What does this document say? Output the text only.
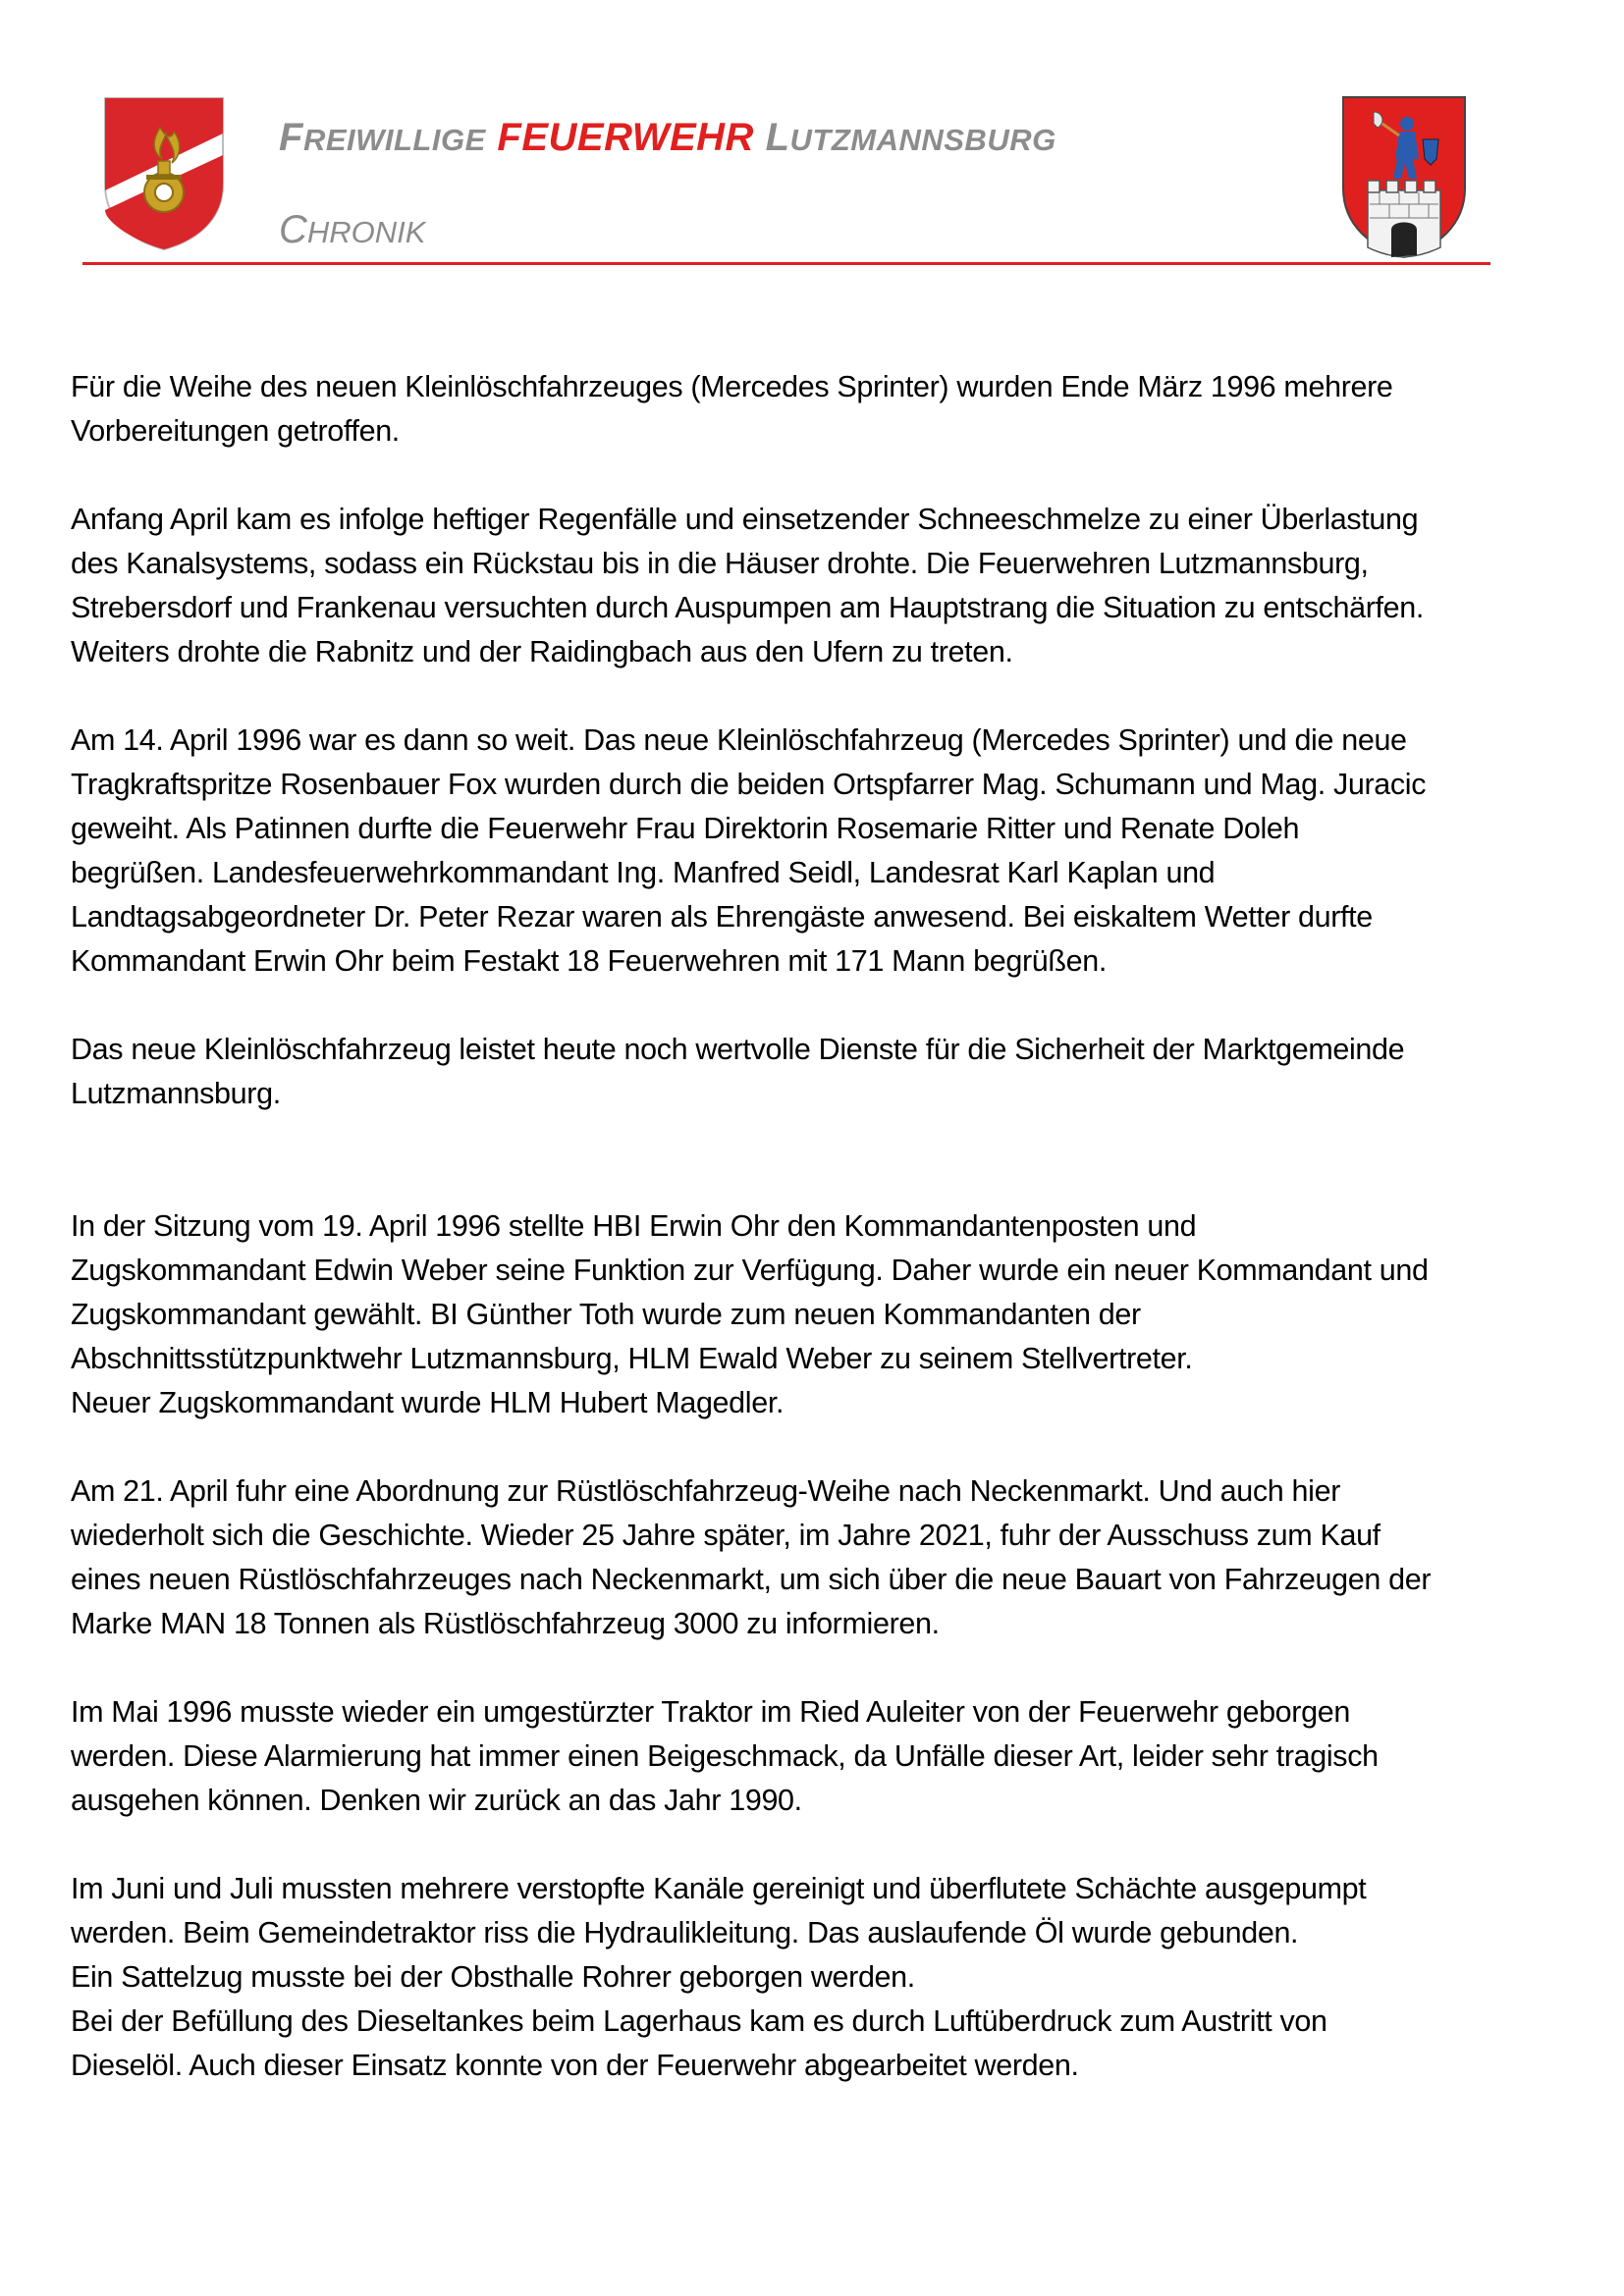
FREIWILLIGE FEUERWEHR LUTZMANNSBURG
CHRONIK

Für die Weihe des neuen Kleinlöschfahrzeuges (Mercedes Sprinter) wurden Ende März 1996 mehrere
Vorbereitungen getroffen.

Anfang April kam es infolge heftiger Regenfälle und einsetzender Schneeschmelze zu einer Überlastung
des Kanalsystems, sodass ein Rückstau bis in die Häuser drohte. Die Feuerwehren Lutzmannsburg,
Strebersdorf und Frankenau versuchten durch Auspumpen am Hauptstrang die Situation zu entschärfen.
Weiters drohte die Rabnitz und der Raidingbach aus den Ufern zu treten.

Am 14. April 1996 war es dann so weit. Das neue Kleinlöschfahrzeug (Mercedes Sprinter) und die neue
Tragkraftspritze Rosenbauer Fox wurden durch die beiden Ortspfarrer Mag. Schumann und Mag. Juracic
geweiht. Als Patinnen durfte die Feuerwehr Frau Direktorin Rosemarie Ritter und Renate Doleh
begrüßen. Landesfeuerwehrkommandant Ing. Manfred Seidl, Landesrat Karl Kaplan und
Landtagsabgeordneter Dr. Peter Rezar waren als Ehrengäste anwesend. Bei eiskaltem Wetter durfte
Kommandant Erwin Ohr beim Festakt 18 Feuerwehren mit 171 Mann begrüßen.

Das neue Kleinlöschfahrzeug leistet heute noch wertvolle Dienste für die Sicherheit der Marktgemeinde
Lutzmannsburg.

In der Sitzung vom 19. April 1996 stellte HBI Erwin Ohr den Kommandantenposten und
Zugskommandant Edwin Weber seine Funktion zur Verfügung. Daher wurde ein neuer Kommandant und
Zugskommandant gewählt. BI Günther Toth wurde zum neuen Kommandanten der
Abschnittsstützpunktwehr Lutzmannsburg, HLM Ewald Weber zu seinem Stellvertreter.
Neuer Zugskommandant wurde HLM Hubert Magedler.

Am 21. April fuhr eine Abordnung zur Rüstlöschfahrzeug-Weihe nach Neckenmarkt. Und auch hier
wiederholt sich die Geschichte. Wieder 25 Jahre später, im Jahre 2021, fuhr der Ausschuss zum Kauf
eines neuen Rüstlöschfahrzeuges nach Neckenmarkt, um sich über die neue Bauart von Fahrzeugen der
Marke MAN 18 Tonnen als Rüstlöschfahrzeug 3000 zu informieren.

Im Mai 1996 musste wieder ein umgestürzter Traktor im Ried Auleiter von der Feuerwehr geborgen
werden. Diese Alarmierung hat immer einen Beigeschmack, da Unfälle dieser Art, leider sehr tragisch
ausgehen können. Denken wir zurück an das Jahr 1990.

Im Juni und Juli mussten mehrere verstopfte Kanäle gereinigt und überflutete Schächte ausgepumpt
werden. Beim Gemeindetraktor riss die Hydraulikleitung. Das auslaufende Öl wurde gebunden.
Ein Sattelzug musste bei der Obsthalle Rohrer geborgen werden.
Bei der Befüllung des Dieseltankes beim Lagerhaus kam es durch Luftüberdruck zum Austritt von
Dieselöl. Auch dieser Einsatz konnte von der Feuerwehr abgearbeitet werden.
